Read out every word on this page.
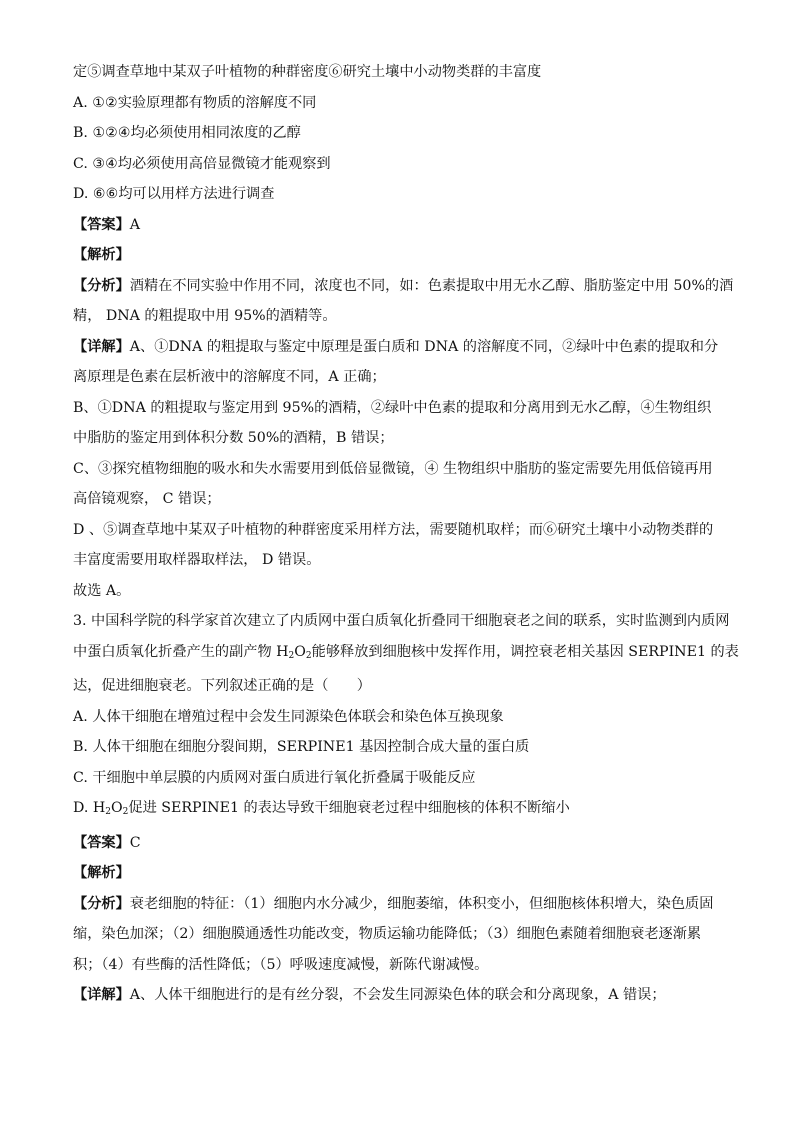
定⑤调查草地中某双子叶植物的种群密度⑥研究土壤中小动物类群的丰富度

A. ①②实验原理都有物质的溶解度不同

B. ①②④均必须使用相同浓度的乙醇

C. ③④均必须使用高倍显微镜才能观察到

D. ⑥⑥均可以用样方法进行调查

【答案】A

【解析】

【分析】酒精在不同实验中作用不同，浓度也不同，如：色素提取中用无水乙醇、脂肪鉴定中用 50%的酒

精， DNA 的粗提取中用 95%的酒精等。

【详解】A、①DNA 的粗提取与鉴定中原理是蛋白质和 DNA 的溶解度不同，②绿叶中色素的提取和分

离原理是色素在层析液中的溶解度不同，A 正确；

B、①DNA 的粗提取与鉴定用到 95%的酒精，②绿叶中色素的提取和分离用到无水乙醇，④生物组织

中脂肪的鉴定用到体积分数 50%的酒精，B 错误；

C、③探究植物细胞的吸水和失水需要用到低倍显微镜，④ 生物组织中脂肪的鉴定需要先用低倍镜再用

高倍镜观察， C 错误；

D 、⑤调查草地中某双子叶植物的种群密度采用样方法，需要随机取样；而⑥研究土壤中小动物类群的

丰富度需要用取样器取样法， D 错误。

故选 A。

3. 中国科学院的科学家首次建立了内质网中蛋白质氧化折叠同干细胞衰老之间的联系，实时监测到内质网

中蛋白质氧化折叠产生的副产物 $H_2O_2$能够释放到细胞核中发挥作用，调控衰老相关基因 SERPINE1 的表

达，促进细胞衰老。下列叙述正确的是（　　）

A. 人体干细胞在增殖过程中会发生同源染色体联会和染色体互换现象

B. 人体干细胞在细胞分裂间期，SERPINE1 基因控制合成大量的蛋白质

C. 干细胞中单层膜的内质网对蛋白质进行氧化折叠属于吸能反应

D. $H_2O_2$促进 SERPINE1 的表达导致干细胞衰老过程中细胞核的体积不断缩小

【答案】C

【解析】

【分析】衰老细胞的特征：（1）细胞内水分减少，细胞萎缩，体积变小，但细胞核体积增大，染色质固

缩，染色加深；（2）细胞膜通透性功能改变，物质运输功能降低；（3）细胞色素随着细胞衰老逐渐累

积；（4）有些酶的活性降低；（5）呼吸速度减慢，新陈代谢减慢。

【详解】A、人体干细胞进行的是有丝分裂，不会发生同源染色体的联会和分离现象，A 错误；
